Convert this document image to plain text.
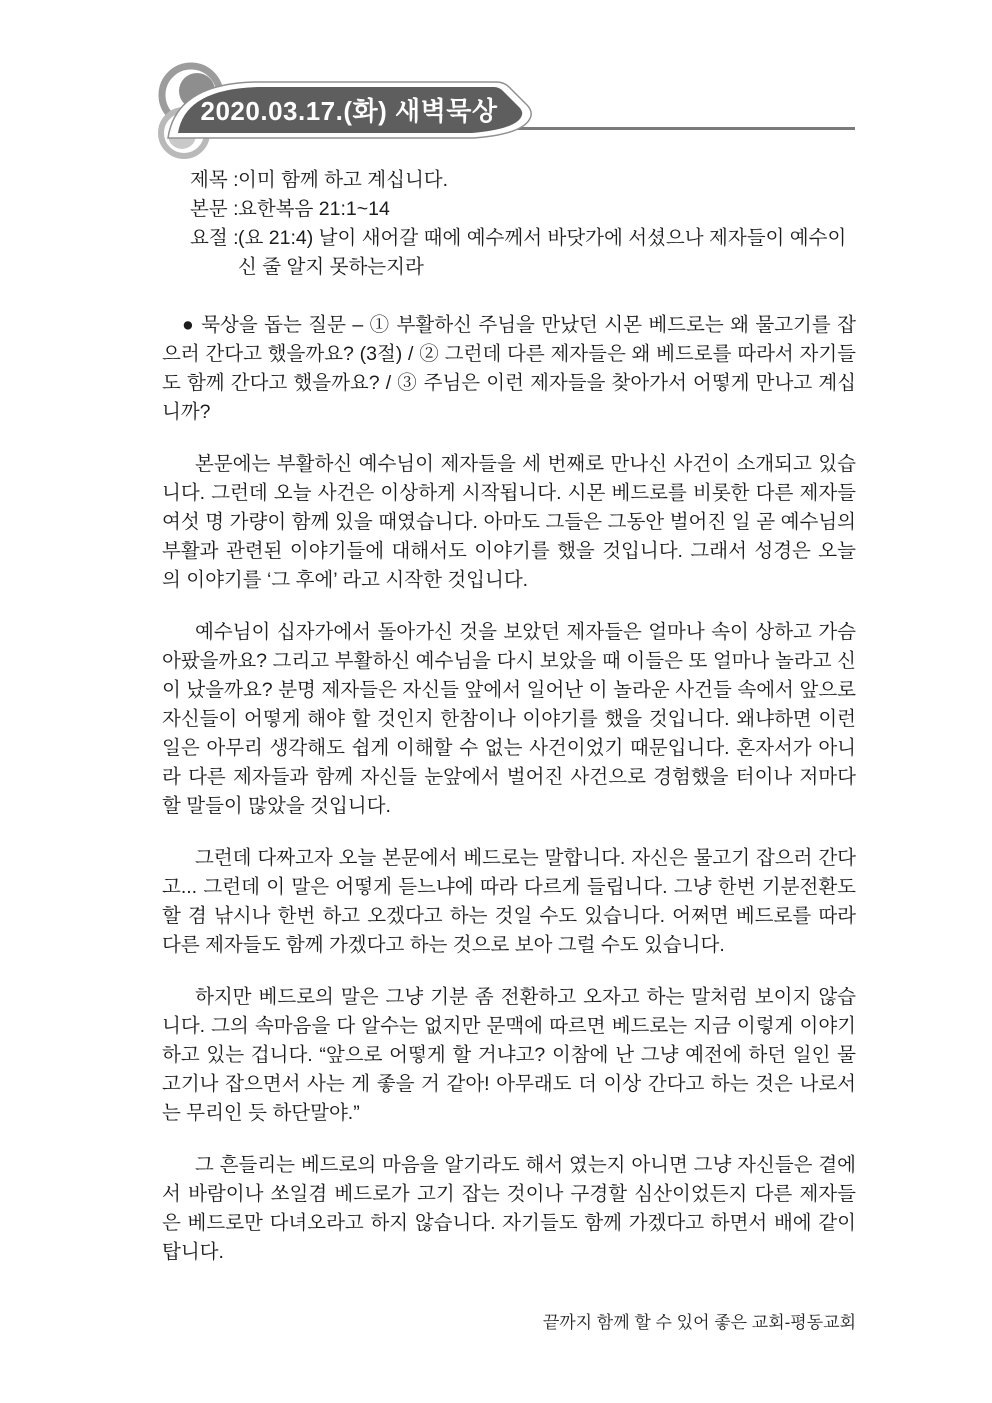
2020.03.17.(화) 새벽묵상
제목 : 이미 함께 하고 계십니다.
본문 : 요한복음 21:1~14
요절 : (요 21:4) 날이 새어갈 때에 예수께서 바닷가에 서셨으나 제자들이 예수이신 줄 알지 못하는지라

● 묵상을 돕는 질문 – ① 부활하신 주님을 만났던 시몬 베드로는 왜 물고기를 잡으러 간다고 했을까요? (3절) / ② 그런데 다른 제자들은 왜 베드로를 따라서 자기들도 함께 간다고 했을까요? / ③ 주님은 이런 제자들을 찾아가서 어떻게 만나고 계십니까?

본문에는 부활하신 예수님이 제자들을 세 번째로 만나신 사건이 소개되고 있습니다. 그런데 오늘 사건은 이상하게 시작됩니다. 시몬 베드로를 비롯한 다른 제자들 여섯 명 가량이 함께 있을 때였습니다. 아마도 그들은 그동안 벌어진 일 곧 예수님의 부활과 관련된 이야기들에 대해서도 이야기를 했을 것입니다. 그래서 성경은 오늘의 이야기를 ‘그 후에’ 라고 시작한 것입니다.

예수님이 십자가에서 돌아가신 것을 보았던 제자들은 얼마나 속이 상하고 가슴 아팠을까요? 그리고 부활하신 예수님을 다시 보았을 때 이들은 또 얼마나 놀라고 신이 났을까요? 분명 제자들은 자신들 앞에서 일어난 이 놀라운 사건들 속에서 앞으로 자신들이 어떻게 해야 할 것인지 한참이나 이야기를 했을 것입니다. 왜냐하면 이런 일은 아무리 생각해도 쉽게 이해할 수 없는 사건이었기 때문입니다. 혼자서가 아니라 다른 제자들과 함께 자신들 눈앞에서 벌어진 사건으로 경험했을 터이나 저마다 할 말들이 많았을 것입니다.

그런데 다짜고자 오늘 본문에서 베드로는 말합니다. 자신은 물고기 잡으러 간다고... 그런데 이 말은 어떻게 듣느냐에 따라 다르게 들립니다. 그냥 한번 기분전환도 할 겸 낚시나 한번 하고 오겠다고 하는 것일 수도 있습니다. 어쩌면 베드로를 따라 다른 제자들도 함께 가겠다고 하는 것으로 보아 그럴 수도 있습니다.

하지만 베드로의 말은 그냥 기분 좀 전환하고 오자고 하는 말처럼 보이지 않습니다. 그의 속마음을 다 알수는 없지만 문맥에 따르면 베드로는 지금 이렇게 이야기 하고 있는 겁니다. “앞으로 어떻게 할 거냐고? 이참에 난 그냥 예전에 하던 일인 물고기나 잡으면서 사는 게 좋을 거 같아! 아무래도 더 이상 간다고 하는 것은 나로서는 무리인 듯 하단말야.”

그 흔들리는 베드로의 마음을 알기라도 해서 였는지 아니면 그냥 자신들은 곁에서 바람이나 쏘일겸 베드로가 고기 잡는 것이나 구경할 심산이었든지 다른 제자들은 베드로만 다녀오라고 하지 않습니다. 자기들도 함께 가겠다고 하면서 배에 같이 탑니다.

끝까지 함께 할 수 있어 좋은 교회-평동교회
